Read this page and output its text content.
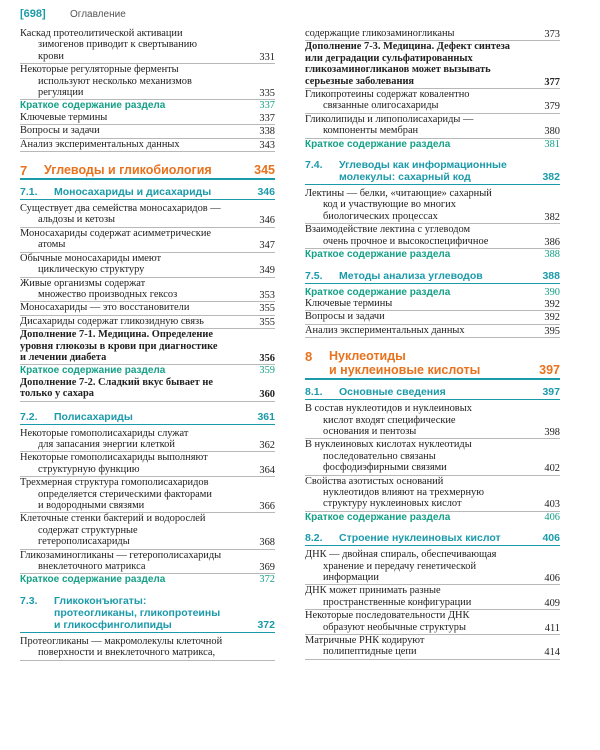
[698] Оглавление
Каскад протеолитической активации
зимогенов приводит к свертыванию
крови	331
Некоторые регуляторные ферменты
используют несколько механизмов
регуляции	335
Краткое содержание раздела	337
Ключевые термины	337
Вопросы и задачи	338
Анализ экспериментальных данных	343
7 Углеводы и гликобиология	345
7.1. Моносахариды и дисахариды	346
Существует два семейства моносахаридов —
альдозы и кетозы	346
Моносахариды содержат асимметрические
атомы	347
Обычные моносахариды имеют
циклическую структуру	349
Живые организмы содержат
множество производных гексоз	353
Моносахариды — это восстановители	355
Дисахариды содержат гликозидную связь	355
Дополнение 7-1. Медицина. Определение
уровня глюкозы в крови при диагностике
и лечении диабета	356
Краткое содержание раздела	359
Дополнение 7-2. Сладкий вкус бывает не
только у сахара	360
7.2. Полисахариды	361
Некоторые гомополисахариды служат
для запасания энергии клеткой	362
Некоторые гомополисахариды выполняют
структурную функцию	364
Трехмерная структура гомополисахаридов
определяется стерическими факторами
и водородными связями	366
Клеточные стенки бактерий и водорослей
содержат структурные
гетерополисахариды	368
Гликозаминогликаны — гетерополисахариды
внеклеточного матрикса	369
Краткое содержание раздела	372
7.3. Гликоконъюгаты:
протеогликаны, гликопротеины
и гликосфинголипиды	372
Протеогликаны — макромолекулы клеточной
поверхности и внеклеточного матрикса,
содержащие гликозаминогликаны	373
Дополнение 7-3. Медицина. Дефект синтеза
или деградации сульфатированных
гликозаминогликанов может вызывать
серьезные заболевания	377
Гликопротеины содержат ковалентно
связанные олигосахариды	379
Гликолипиды и липополисахариды —
компоненты мембран	380
Краткое содержание раздела	381
7.4. Углеводы как информационные
молекулы: сахарный код	382
Лектины — белки, «читающие» сахарный
код и участвующие во многих
биологических процессах	382
Взаимодействие лектина с углеводом
очень прочное и высокоспецифичное	386
Краткое содержание раздела	388
7.5. Методы анализа углеводов	388
Краткое содержание раздела	390
Ключевые термины	392
Вопросы и задачи	392
Анализ экспериментальных данных	395
8 Нуклеотиды
и нуклеиновые кислоты	397
8.1. Основные сведения	397
В состав нуклеотидов и нуклеиновых
кислот входят специфические
основания и пентозы	398
В нуклеиновых кислотах нуклеотиды
последовательно связаны
фосфодиэфирными связями	402
Свойства азотистых оснований
нуклеотидов влияют на трехмерную
структуру нуклеиновых кислот	403
Краткое содержание раздела	406
8.2. Строение нуклеиновых кислот	406
ДНК — двойная спираль, обеспечивающая
хранение и передачу генетической
информации	406
ДНК может принимать разные
пространственные конфигурации	409
Некоторые последовательности ДНК
образуют необычные структуры	411
Матричные РНК кодируют
полипептидные цепи	414
